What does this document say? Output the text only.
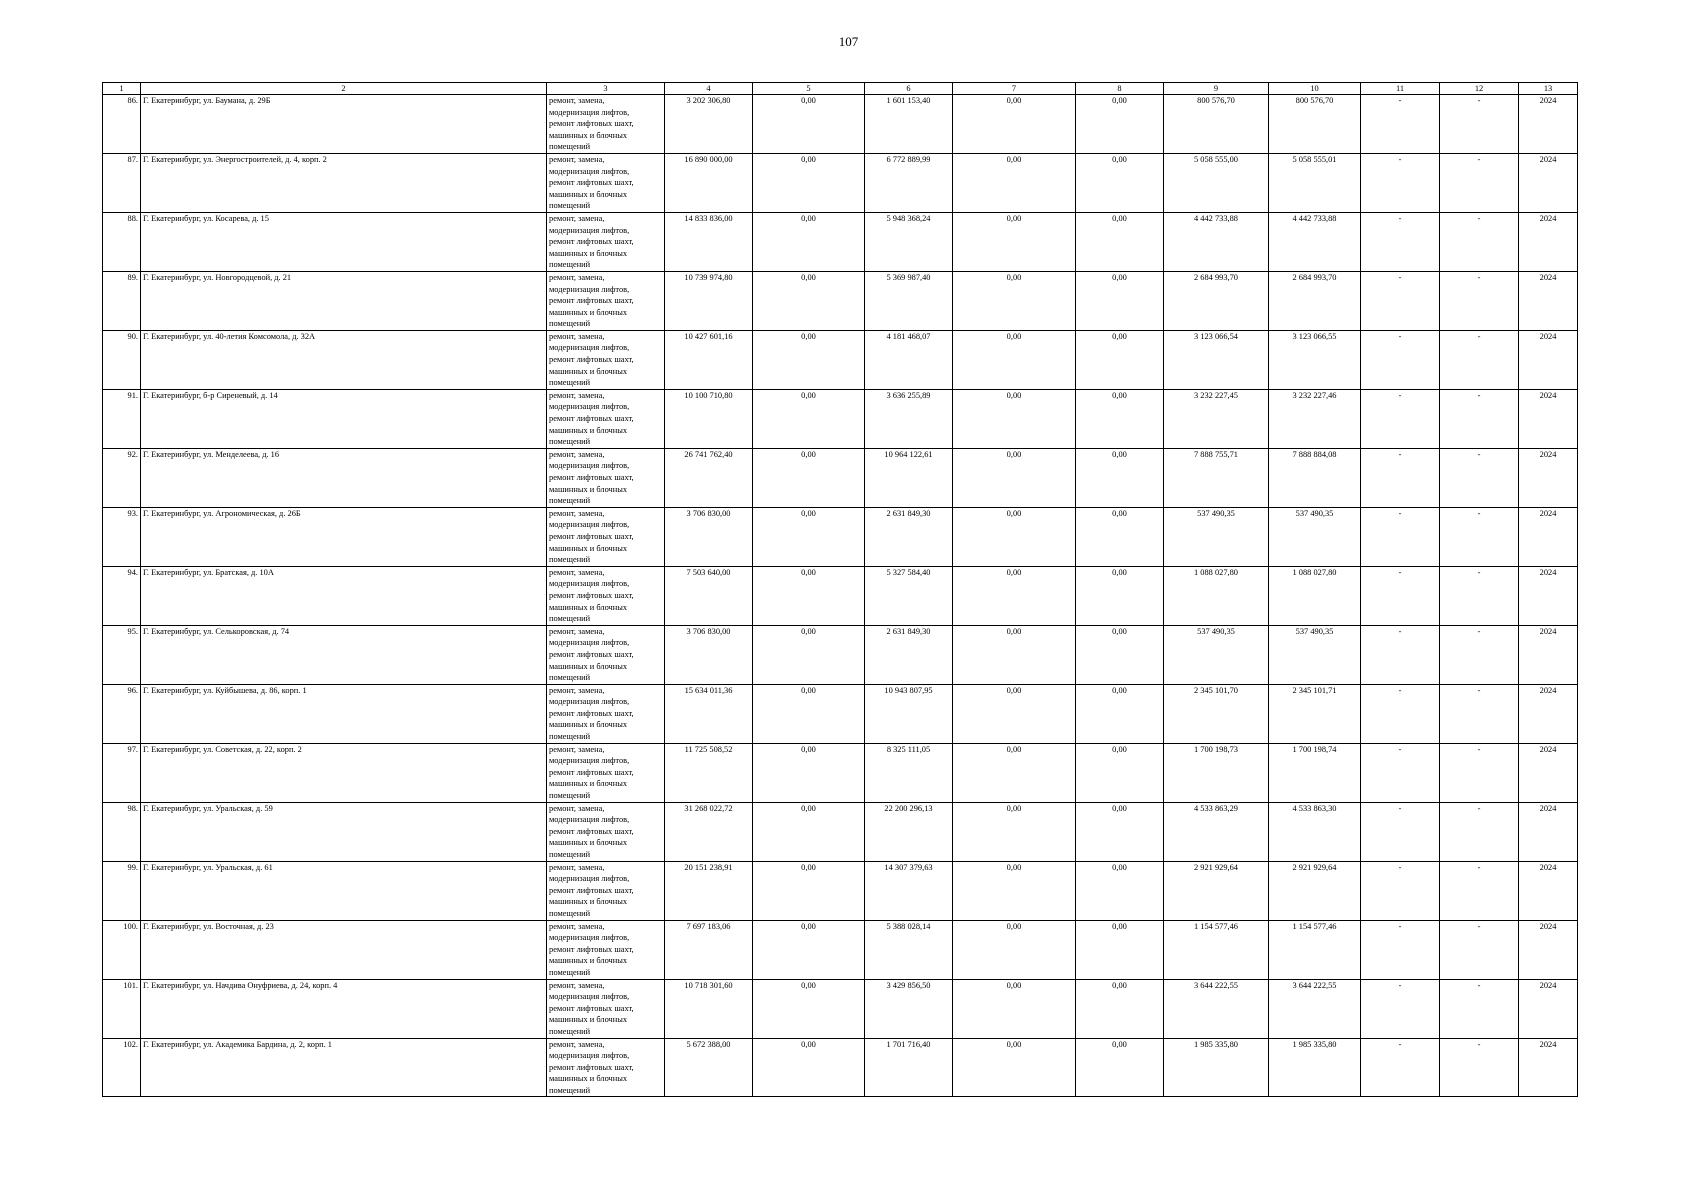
107
1	2	3	4	5	6	7	8	9	10	11	12	13
86.	Г. Екатеринбург, ул. Баумана, д. 29Б	ремонт, замена,
модернизация лифтов,
ремонт лифтовых шахт,
машинных и блочных
помещений	3 202 306,80	0,00	1 601 153,40	0,00	0,00	800 576,70	800 576,70	-	-	2024
87.	Г. Екатеринбург, ул. Энергостроителей, д. 4, корп. 2	ремонт, замена,
модернизация лифтов,
ремонт лифтовых шахт,
машинных и блочных
помещений	16 890 000,00	0,00	6 772 889,99	0,00	0,00	5 058 555,00	5 058 555,01	-	-	2024
88.	Г. Екатеринбург, ул. Косарева, д. 15	ремонт, замена,
модернизация лифтов,
ремонт лифтовых шахт,
машинных и блочных
помещений	14 833 836,00	0,00	5 948 368,24	0,00	0,00	4 442 733,88	4 442 733,88	-	-	2024
89.	Г. Екатеринбург, ул. Новгородцевой, д. 21	ремонт, замена,
модернизация лифтов,
ремонт лифтовых шахт,
машинных и блочных
помещений	10 739 974,80	0,00	5 369 987,40	0,00	0,00	2 684 993,70	2 684 993,70	-	-	2024
90.	Г. Екатеринбург, ул. 40-летия Комсомола, д. 32А	ремонт, замена,
модернизация лифтов,
ремонт лифтовых шахт,
машинных и блочных
помещений	10 427 601,16	0,00	4 181 468,07	0,00	0,00	3 123 066,54	3 123 066,55	-	-	2024
91.	Г. Екатеринбург, б-р Сиреневый, д. 14	ремонт, замена,
модернизация лифтов,
ремонт лифтовых шахт,
машинных и блочных
помещений	10 100 710,80	0,00	3 636 255,89	0,00	0,00	3 232 227,45	3 232 227,46	-	-	2024
92.	Г. Екатеринбург, ул. Менделеева, д. 16	ремонт, замена,
модернизация лифтов,
ремонт лифтовых шахт,
машинных и блочных
помещений	26 741 762,40	0,00	10 964 122,61	0,00	0,00	7 888 755,71	7 888 884,08	-	-	2024
93.	Г. Екатеринбург, ул. Агрономическая, д. 26Б	ремонт, замена,
модернизация лифтов,
ремонт лифтовых шахт,
машинных и блочных
помещений	3 706 830,00	0,00	2 631 849,30	0,00	0,00	537 490,35	537 490,35	-	-	2024
94.	Г. Екатеринбург, ул. Братская, д. 10А	ремонт, замена,
модернизация лифтов,
ремонт лифтовых шахт,
машинных и блочных
помещений	7 503 640,00	0,00	5 327 584,40	0,00	0,00	1 088 027,80	1 088 027,80	-	-	2024
95.	Г. Екатеринбург, ул. Селькоровская, д. 74	ремонт, замена,
модернизация лифтов,
ремонт лифтовых шахт,
машинных и блочных
помещений	3 706 830,00	0,00	2 631 849,30	0,00	0,00	537 490,35	537 490,35	-	-	2024
96.	Г. Екатеринбург, ул. Куйбышева, д. 86, корп. 1	ремонт, замена,
модернизация лифтов,
ремонт лифтовых шахт,
машинных и блочных
помещений	15 634 011,36	0,00	10 943 807,95	0,00	0,00	2 345 101,70	2 345 101,71	-	-	2024
97.	Г. Екатеринбург, ул. Советская, д. 22, корп. 2	ремонт, замена,
модернизация лифтов,
ремонт лифтовых шахт,
машинных и блочных
помещений	11 725 508,52	0,00	8 325 111,05	0,00	0,00	1 700 198,73	1 700 198,74	-	-	2024
98.	Г. Екатеринбург, ул. Уральская, д. 59	ремонт, замена,
модернизация лифтов,
ремонт лифтовых шахт,
машинных и блочных
помещений	31 268 022,72	0,00	22 200 296,13	0,00	0,00	4 533 863,29	4 533 863,30	-	-	2024
99.	Г. Екатеринбург, ул. Уральская, д. 61	ремонт, замена,
модернизация лифтов,
ремонт лифтовых шахт,
машинных и блочных
помещений	20 151 238,91	0,00	14 307 379,63	0,00	0,00	2 921 929,64	2 921 929,64	-	-	2024
100.	Г. Екатеринбург, ул. Восточная, д. 23	ремонт, замена,
модернизация лифтов,
ремонт лифтовых шахт,
машинных и блочных
помещений	7 697 183,06	0,00	5 388 028,14	0,00	0,00	1 154 577,46	1 154 577,46	-	-	2024
101.	Г. Екатеринбург, ул. Начдива Онуфриева, д. 24, корп. 4	ремонт, замена,
модернизация лифтов,
ремонт лифтовых шахт,
машинных и блочных
помещений	10 718 301,60	0,00	3 429 856,50	0,00	0,00	3 644 222,55	3 644 222,55	-	-	2024
102.	Г. Екатеринбург, ул. Академика Бардина, д. 2, корп. 1	ремонт, замена,
модернизация лифтов,
ремонт лифтовых шахт,
машинных и блочных
помещений	5 672 388,00	0,00	1 701 716,40	0,00	0,00	1 985 335,80	1 985 335,80	-	-	2024
